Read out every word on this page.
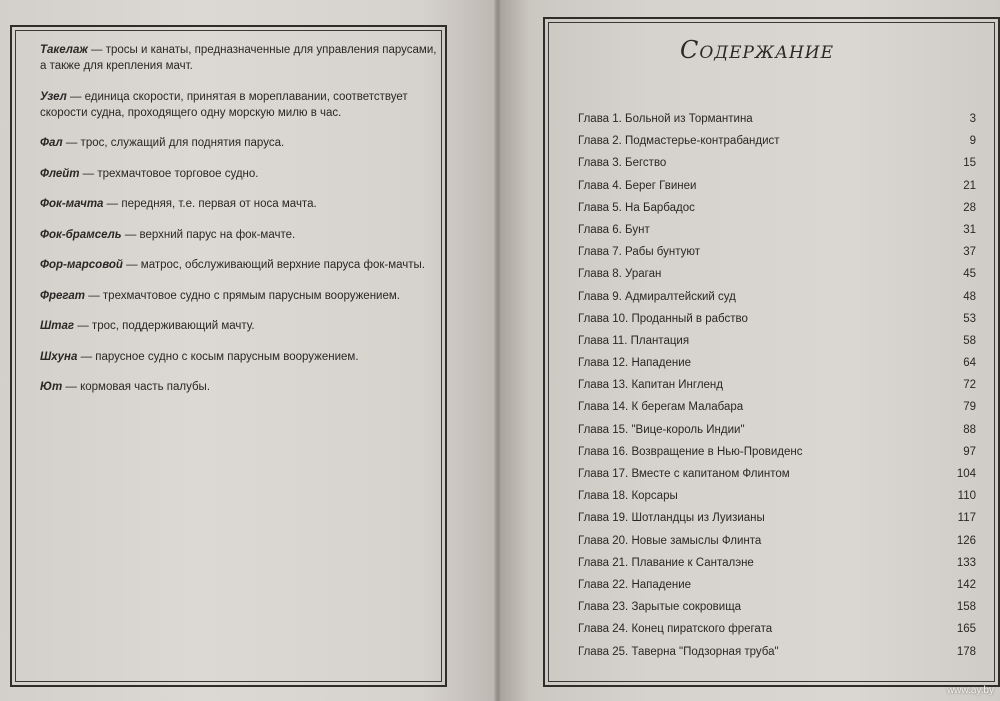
Такелаж — тросы и канаты, предназначенные для управления парусами, а также для крепления мачт.
Узел — единица скорости, принятая в мореплавании, соответствует скорости судна, проходящего одну морскую милю в час.
Фал — трос, служащий для поднятия паруса.
Флейт — трехмачтовое торговое судно.
Фок-мачта — передняя, т.е. первая от носа мачта.
Фок-брамсель — верхний парус на фок-мачте.
Фор-марсовой — матрос, обслуживающий верхние паруса фок-мачты.
Фрегат — трехмачтовое судно с прямым парусным вооружением.
Штаг — трос, поддерживающий мачту.
Шхуна — парусное судно с косым парусным вооружением.
Ют — кормовая часть палубы.
Содержание
Глава 1. Больной из Тормантина	3
Глава 2. Подмастерье-контрабандист	9
Глава 3. Бегство	15
Глава 4. Берег Гвинеи	21
Глава 5. На Барбадос	28
Глава 6. Бунт	31
Глава 7. Рабы бунтуют	37
Глава 8. Ураган	45
Глава 9. Адмиралтейский суд	48
Глава 10. Проданный в рабство	53
Глава 11. Плантация	58
Глава 12. Нападение	64
Глава 13. Капитан Ингленд	72
Глава 14. К берегам Малабара	79
Глава 15. "Вице-король Индии"	88
Глава 16. Возвращение в Нью-Провиденс	97
Глава 17. Вместе с капитаном Флинтом	104
Глава 18. Корсары	110
Глава 19. Шотландцы из Луизианы	117
Глава 20. Новые замыслы Флинта	126
Глава 21. Плавание к Санталэне	133
Глава 22. Нападение	142
Глава 23. Зарытые сокровища	158
Глава 24. Конец пиратского фрегата	165
Глава 25. Таверна "Подзорная труба"	178
www.ay.by
